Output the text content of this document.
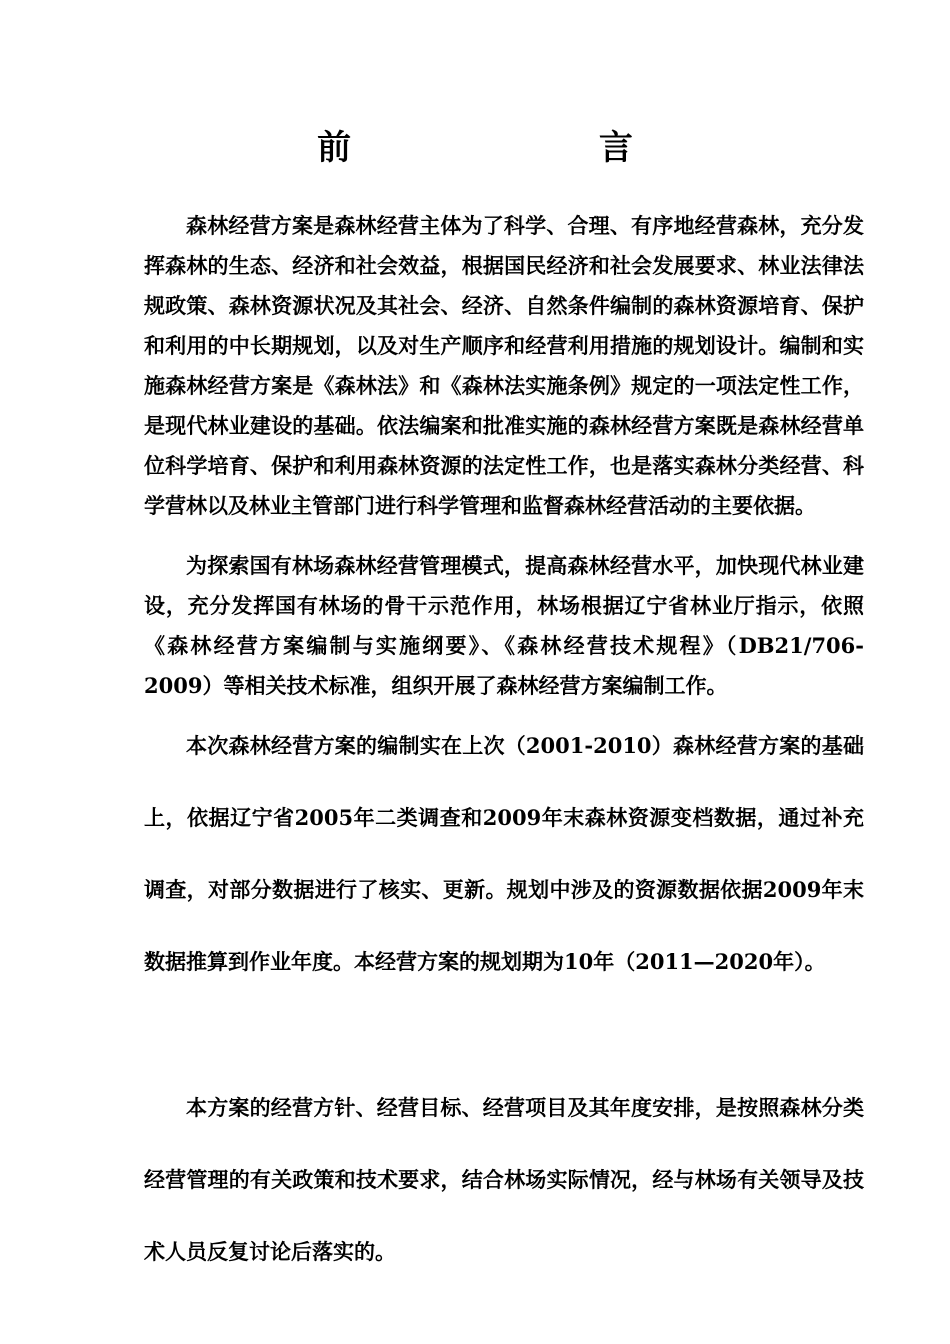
前 言

森林经营方案是森林经营主体为了科学、合理、有序地经营森林，充分发挥森林的生态、经济和社会效益，根据国民经济和社会发展要求、林业法律法规政策、森林资源状况及其社会、经济、自然条件编制的森林资源培育、保护和利用的中长期规划，以及对生产顺序和经营利用措施的规划设计。编制和实施森林经营方案是《森林法》和《森林法实施条例》规定的一项法定性工作，是现代林业建设的基础。依法编案和批准实施的森林经营方案既是森林经营单位科学培育、保护和利用森林资源的法定性工作，也是落实森林分类经营、科学营林以及林业主管部门进行科学管理和监督森林经营活动的主要依据。

为探索国有林场森林经营管理模式，提高森林经营水平，加快现代林业建设，充分发挥国有林场的骨干示范作用，林场根据辽宁省林业厅指示，依照《森林经营方案编制与实施纲要》、《森林经营技术规程》（DB21/706-2009）等相关技术标准，组织开展了森林经营方案编制工作。

本次森林经营方案的编制实在上次（2001-2010）森林经营方案的基础上，依据辽宁省2005年二类调查和2009年末森林资源变档数据，通过补充调查，对部分数据进行了核实、更新。规划中涉及的资源数据依据2009年末数据推算到作业年度。本经营方案的规划期为10年（2011—2020年）。

本方案的经营方针、经营目标、经营项目及其年度安排，是按照森林分类经营管理的有关政策和技术要求，结合林场实际情况，经与林场有关领导及技术人员反复讨论后落实的。
